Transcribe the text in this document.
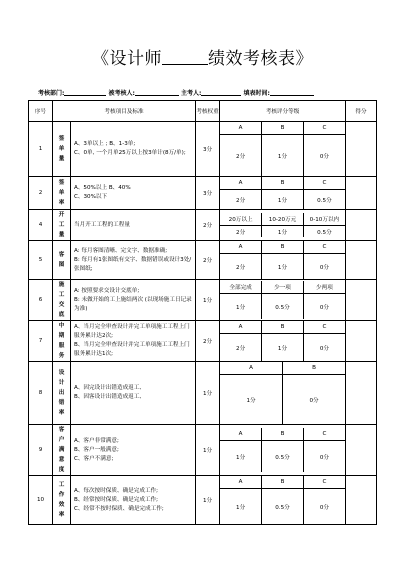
《设计师	绩效考核表》
考核部门:	被考核人:	主考人:	填表时间:
序号	考核项目及标准	考核权重	考核评分等级	得分
1	签单量	
A、3单以上 ; B、1-3单;
C、0单, 一个月单25万以上按3单计(8万/单);	3分	
A	B	C
2分	1分	0分

2	签单率	
A、50%以上 B、40%
C、30%以下	3分	
A	B	C
2分	1分	0.5分

4	开工量	
当月开工工程的工程量	2分	
20万以上	10-20万元	0-10万以内
2分	1分	0.5分

5	客图	
A: 每月客图清晰、完文字、数据准确;
B: 每月有1张图纸有交字、数据错误或设计3处/张图纸;
	2分	
A	B	C
2分	1分	0分

6	施工交底	
A: 按照要求交设计交底单;
B: 未做开始的工上施结两次 (以现场施工日记录为准)
	1分	
全部完成	少一项	少两项
1分	0.5分	0分

7	中期服务	
A、当月完全审查设计并完工单项施工工程上门服务累计达2次;
B、当月完全审查设计并完工单项施工工程上门服务累计达1次;
	2分	
A	B	C
2分	1分	0分

8	设计出错率	
A、因完设计出错造成返工、
B、因客设计出错造成返工、	1分	
A	B
1分	0分

9	客户满意度	
A、客户非常满意;
B、客户一般满意;
C、客户不满意;
	1分	
A	B	C
1分	0.5分	0分

10	工作效率	
A、每次按时保质、确是完成工作;
B、经常按时保质、确是完成工作;
C、经常不按时保质、确是完成工作;
	1分	
A	B	C
1分	0.5分	0分
